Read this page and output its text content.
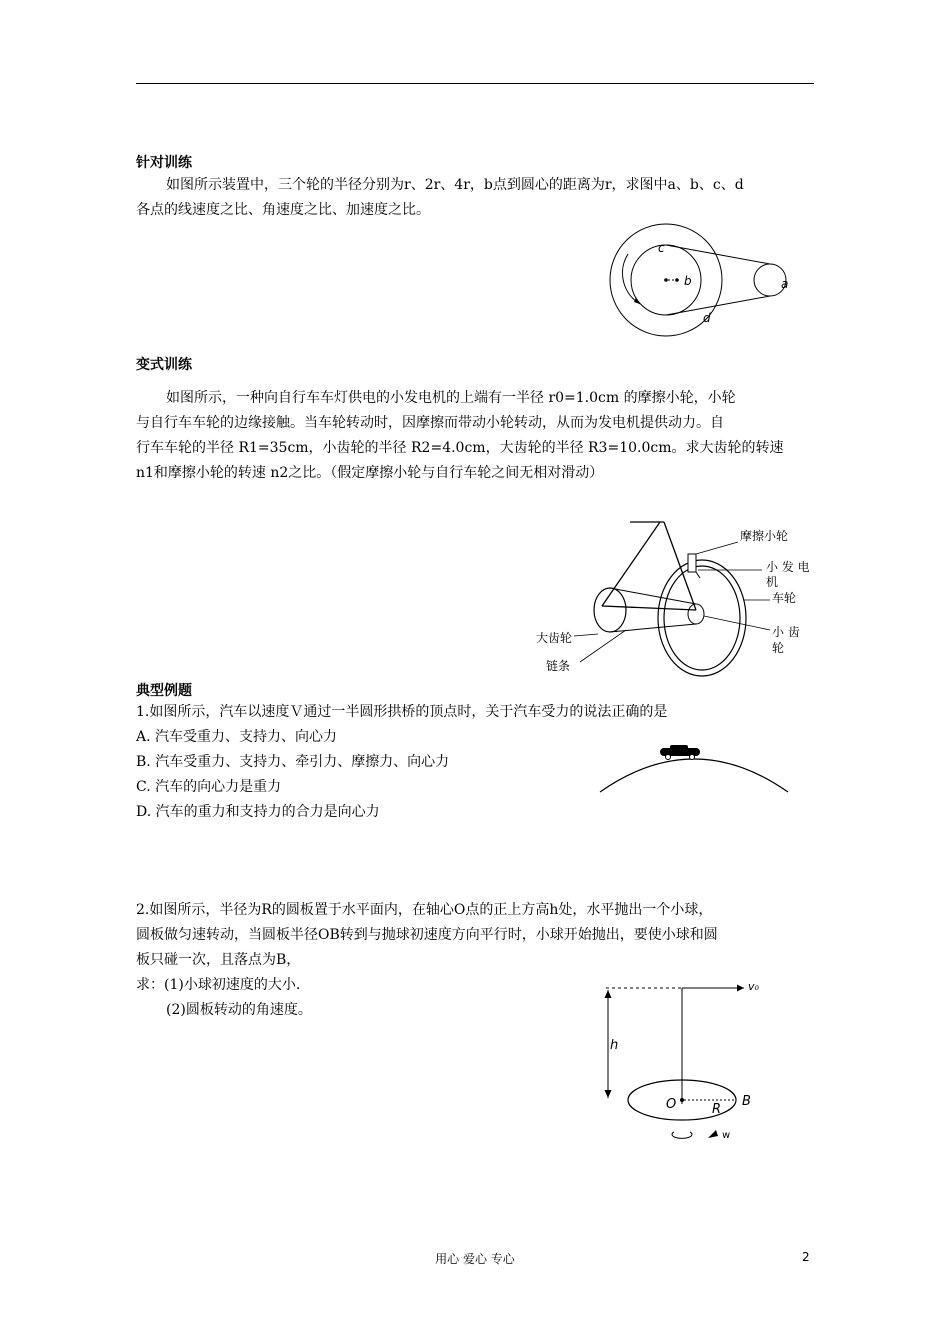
针对训练
如图所示装置中，三个轮的半径分别为r、2r、4r，b点到圆心的距离为r，求图中a、b、c、d
各点的线速度之比、角速度之比、加速度之比。
c
b	a
d
变式训练
如图所示，一种向自行车车灯供电的小发电机的上端有一半径 r0=1.0cm 的摩擦小轮，小轮
与自行车车轮的边缘接触。当车轮转动时，因摩擦而带动小轮转动，从而为发电机提供动力。自
行车车轮的半径 R1=35cm，小齿轮的半径 R2=4.0cm，大齿轮的半径 R3=10.0cm。求大齿轮的转速
n1和摩擦小轮的转速 n2之比。（假定摩擦小轮与自行车轮之间无相对滑动）
摩擦小轮
小 发 电
机
车轮
小 齿
轮
大齿轮
链条
典型例题
1.如图所示，汽车以速度Ｖ通过一半圆形拱桥的顶点时，关于汽车受力的说法正确的是
A. 汽车受重力、支持力、向心力
B. 汽车受重力、支持力、牵引力、摩擦力、向心力
C. 汽车的向心力是重力
D. 汽车的重力和支持力的合力是向心力
2.如图所示，半径为R的圆板置于水平面内，在轴心O点的正上方高h处，水平抛出一个小球，
圆板做匀速转动，当圆板半径OB转到与抛球初速度方向平行时，小球开始抛出，要使小球和圆
板只碰一次，且落点为B，
求：(1)小球初速度的大小.
(2)圆板转动的角速度。
h
v₀
O	R
B
w
用心 爱心 专心	2
